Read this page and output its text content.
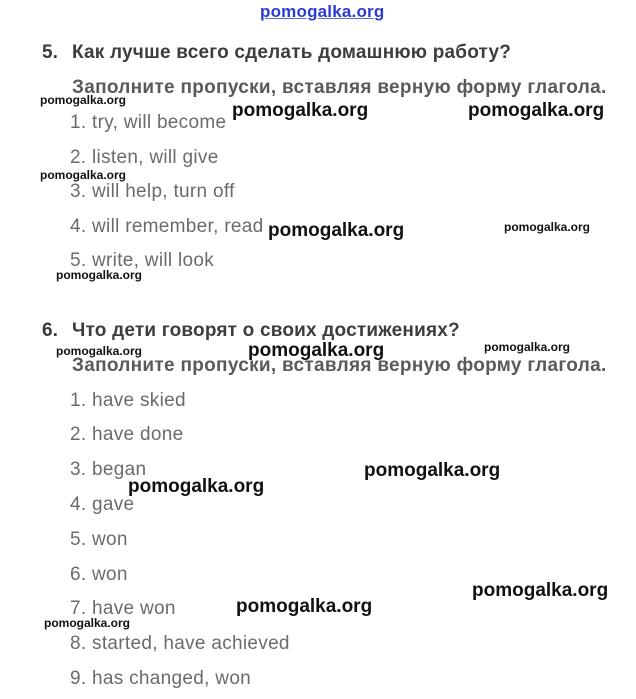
pomogalka.org
5. Как лучше всего сделать домашнюю работу?
Заполните пропуски, вставляя верную форму глагола.
1. try, will become
2. listen, will give
3. will help, turn off
4. will remember, read
5. write, will look
6. Что дети говорят о своих достижениях?
Заполните пропуски, вставляя верную форму глагола.
1. have skied
2. have done
3. began
4. gave
5. won
6. won
7. have won
8. started, have achieved
9. has changed, won
pomogalka.org	pomogalka.org	pomogalka.org
pomogalka.org
pomogalka.org	pomogalka.org
pomogalka.org
pomogalka.org	pomogalka.org	pomogalka.org
pomogalka.org
pomogalka.org
pomogalka.org
pomogalka.org
pomogalka.org
